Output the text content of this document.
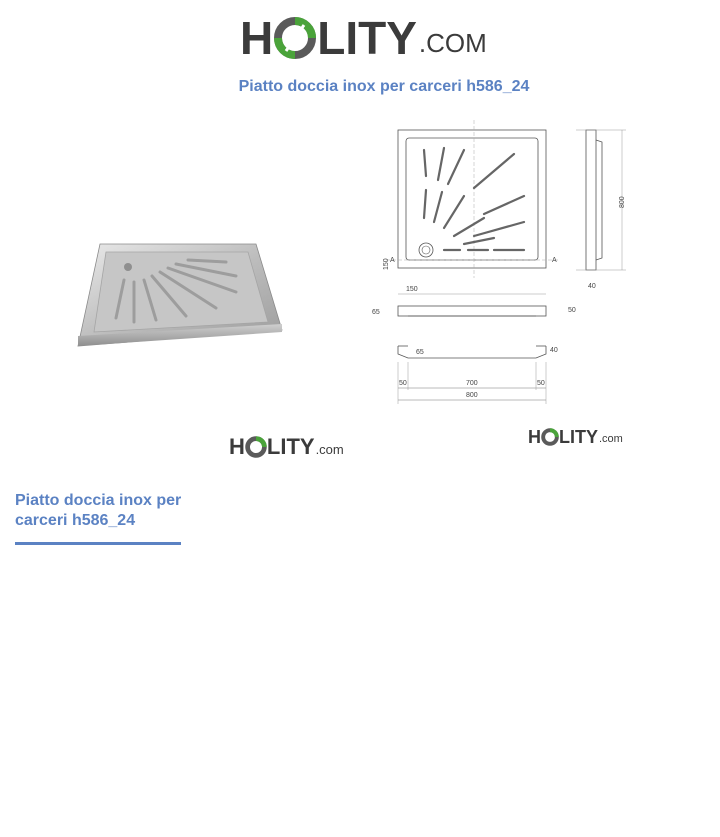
H LITY .COM
Piatto doccia inox per carceri h586_24
800
A	A
150
150	40
65	50
65	40
50	700	50
800
H LITY .com
H LITY .com
Piatto doccia inox per carceri h586_24
